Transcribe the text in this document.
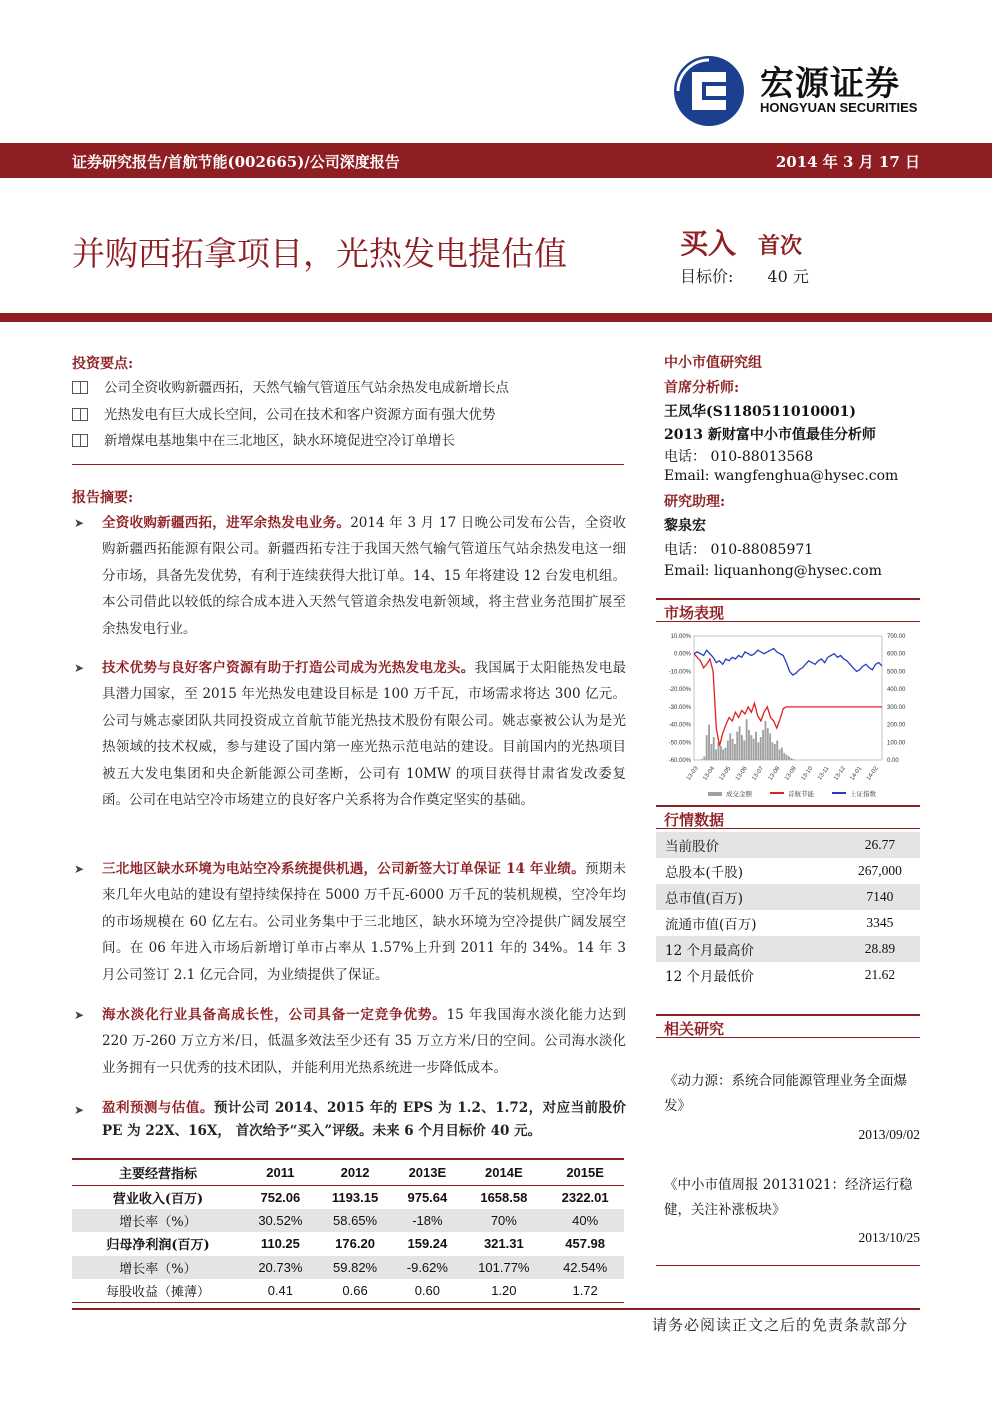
宏源证券
HONGYUAN SECURITIES
证券研究报告/首航节能(002665)/公司深度报告	2014 年 3 月 17 日
并购西拓拿项目，光热发电提估值	买入 首次
目标价: 40 元
投资要点:
公司全资收购新疆西拓，天然气输气管道压气站余热发电成新增长点
光热发电有巨大成长空间，公司在技术和客户资源方面有强大优势
新增煤电基地集中在三北地区，缺水环境促进空冷订单增长
报告摘要:
➤	全资收购新疆西拓，进军余热发电业务。2014 年 3 月 17 日晚公司发布公告，全资收购新疆西拓能源有限公司。新疆西拓专注于我国天然气输气管道压气站余热发电这一细分市场，具备先发优势，有利于连续获得大批订单。14、15 年将建设 12 台发电机组。本公司借此以较低的综合成本进入天然气管道余热发电新领域，将主营业务范围扩展至余热发电行业。

➤	技术优势与良好客户资源有助于打造公司成为光热发电龙头。我国属于太阳能热发电最具潜力国家，至 2015 年光热发电建设目标是 100 万千瓦，市场需求将达 300 亿元。公司与姚志豪团队共同投资成立首航节能光热技术股份有限公司。姚志豪被公认为是光热领域的技术权威，参与建设了国内第一座光热示范电站的建设。目前国内的光热项目被五大发电集团和央企新能源公司垄断，公司有 10MW 的项目获得甘肃省发改委复函。公司在电站空冷市场建立的良好客户关系将为合作奠定坚实的基础。

➤	三北地区缺水环境为电站空冷系统提供机遇，公司新签大订单保证 14 年业绩。预期未来几年火电站的建设有望持续保持在 5000 万千瓦-6000 万千瓦的装机规模，空冷年均的市场规模在 60 亿左右。公司业务集中于三北地区，缺水环境为空冷提供广阔发展空间。在 06 年进入市场后新增订单市占率从 1.57%上升到 2011 年的 34%。14 年 3 月公司签订 2.1 亿元合同，为业绩提供了保证。

➤	海水淡化行业具备高成长性，公司具备一定竞争优势。15 年我国海水淡化能力达到 220 万-260 万立方米/日，低温多效法至少还有 35 万立方米/日的空间。公司海水淡化业务拥有一只优秀的技术团队，并能利用光热系统进一步降低成本。

➤	盈利预测与估值。预计公司 2014、2015 年的 EPS 为 1.2、1.72，对应当前股价 PE 为 22X、16X， 首次给予“买入”评级。未来 6 个月目标价 40 元。

主要经营指标	2011	2012	2013E	2014E	2015E
营业收入(百万)	752.06	1193.15	975.64	1658.58	2322.01
增长率（%）	30.52%	58.65%	-18%	70%	40%
归母净利润(百万)	110.25	176.20	159.24	321.31	457.98
增长率（%）	20.73%	59.82%	-9.62%	101.77%	42.54%
每股收益（摊薄）	0.41	0.66	0.60	1.20	1.72
中小市值研究组
首席分析师:
王凤华(S1180511010001)
2013 新财富中小市值最佳分析师
电话： 010-88013568
Email: wangfenghua@hysec.com
研究助理:
黎泉宏
电话： 010-88085971
Email: liquanhong@hysec.com
市场表现
10.00%
0.00%
-10.00%
-20.00%
-30.00%
-40.00%
-50.00%
-60.00%
700.00
600.00
500.00
400.00
300.00
200.00
100.00
0.00
13-03 13-04 13-05 13-06 13-07 13-08 13-09 13-10 13-11 13-12 14-01 14-02
成交金额	首航节能	上证指数
行情数据
当前股价	26.77
总股本(千股)	267,000
总市值(百万)	7140
流通市值(百万)	3345
12 个月最高价	28.89
12 个月最低价	21.62
相关研究
《动力源：系统合同能源管理业务全面爆发》
2013/09/02
《中小市值周报 20131021：经济运行稳健，关注补涨板块》
2013/10/25
请务必阅读正文之后的免责条款部分
